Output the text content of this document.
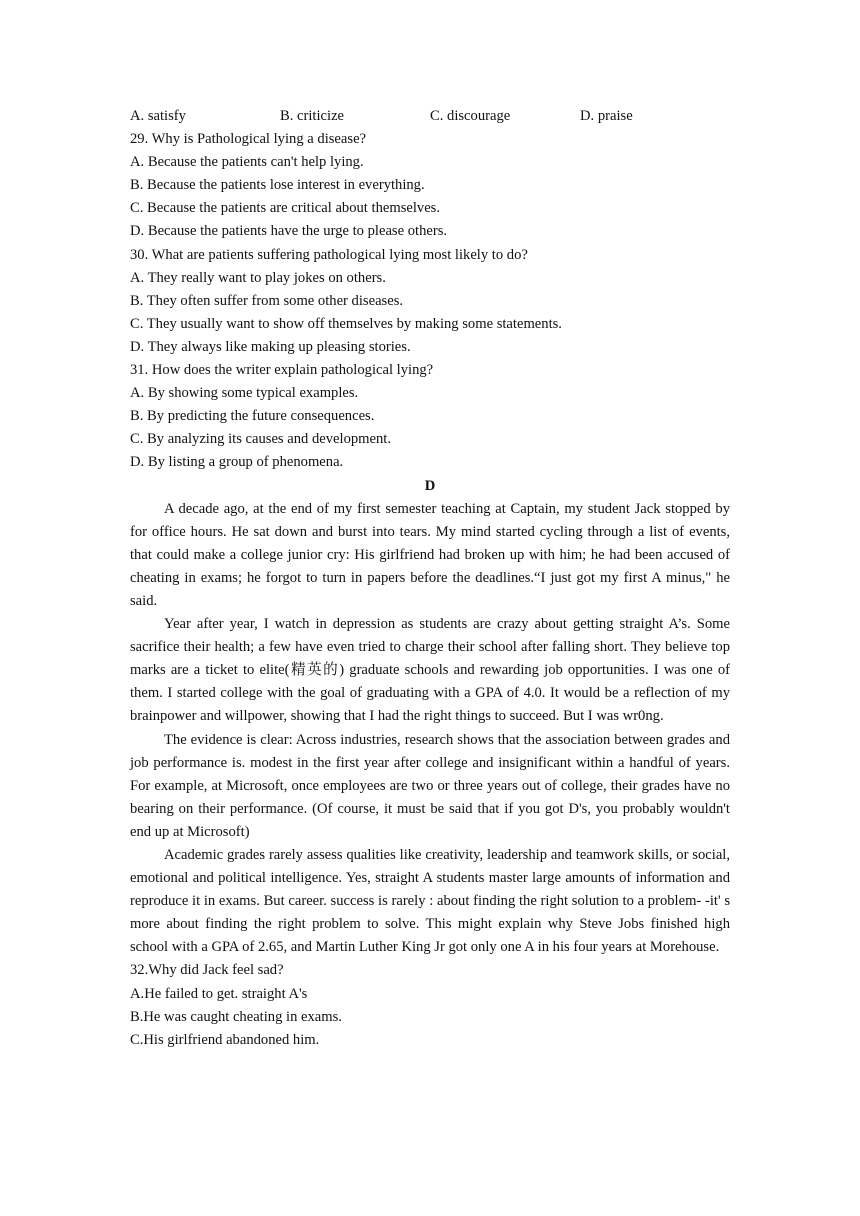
A. satisfy	B. criticize	C. discourage	D. praise
29. Why is Pathological lying a disease?
A. Because the patients can't help lying.
B. Because the patients lose interest in everything.
C. Because the patients are critical about themselves.
D. Because the patients have the urge to please others.
30. What are patients suffering pathological lying most likely to do?
A. They really want to play jokes on others.
B. They often suffer from some other diseases.
C. They usually want to show off themselves by making some statements.
D. They always like making up pleasing stories.
31. How does the writer explain pathological lying?
A. By showing some typical examples.
B. By predicting the future consequences.
C. By analyzing its causes and development.
D. By listing a group of phenomena.
D

A decade ago, at the end of my first semester teaching at Captain, my student Jack stopped by for office hours. He sat down and burst into tears. My mind started cycling through a list of events, that could make a college junior cry: His girlfriend had broken up with him; he had been accused of cheating in exams; he forgot to turn in papers before the deadlines.“I just got my first A minus," he said.

Year after year, I watch in depression as students are crazy about getting straight A’s. Some sacrifice their health; a few have even tried to charge their school after falling short. They believe top marks are a ticket to elite(精英的) graduate schools and rewarding job opportunities. I was one of them. I started college with the goal of graduating with a GPA of 4.0. It would be a reflection of my brainpower and willpower, showing that I had the right things to succeed. But I was wr0ng.

The evidence is clear: Across industries, research shows that the association between grades and job performance is. modest in the first year after college and insignificant within a handful of years. For example, at Microsoft, once employees are two or three years out of college, their grades have no bearing on their performance. (Of course, it must be said that if you got D's, you probably wouldn't end up at Microsoft)

Academic grades rarely assess qualities like creativity, leadership and teamwork skills, or social, emotional and political intelligence. Yes, straight A students master large amounts of information and reproduce it in exams. But career. success is rarely : about finding the right solution to a problem- -it' s more about finding the right problem to solve. This might explain why Steve Jobs finished high school with a GPA of 2.65, and Martin Luther King Jr got only one A in his four years at Morehouse.

32.Why did Jack feel sad?
A.He failed to get. straight A's
B.He was caught cheating in exams.
C.His girlfriend abandoned him.
